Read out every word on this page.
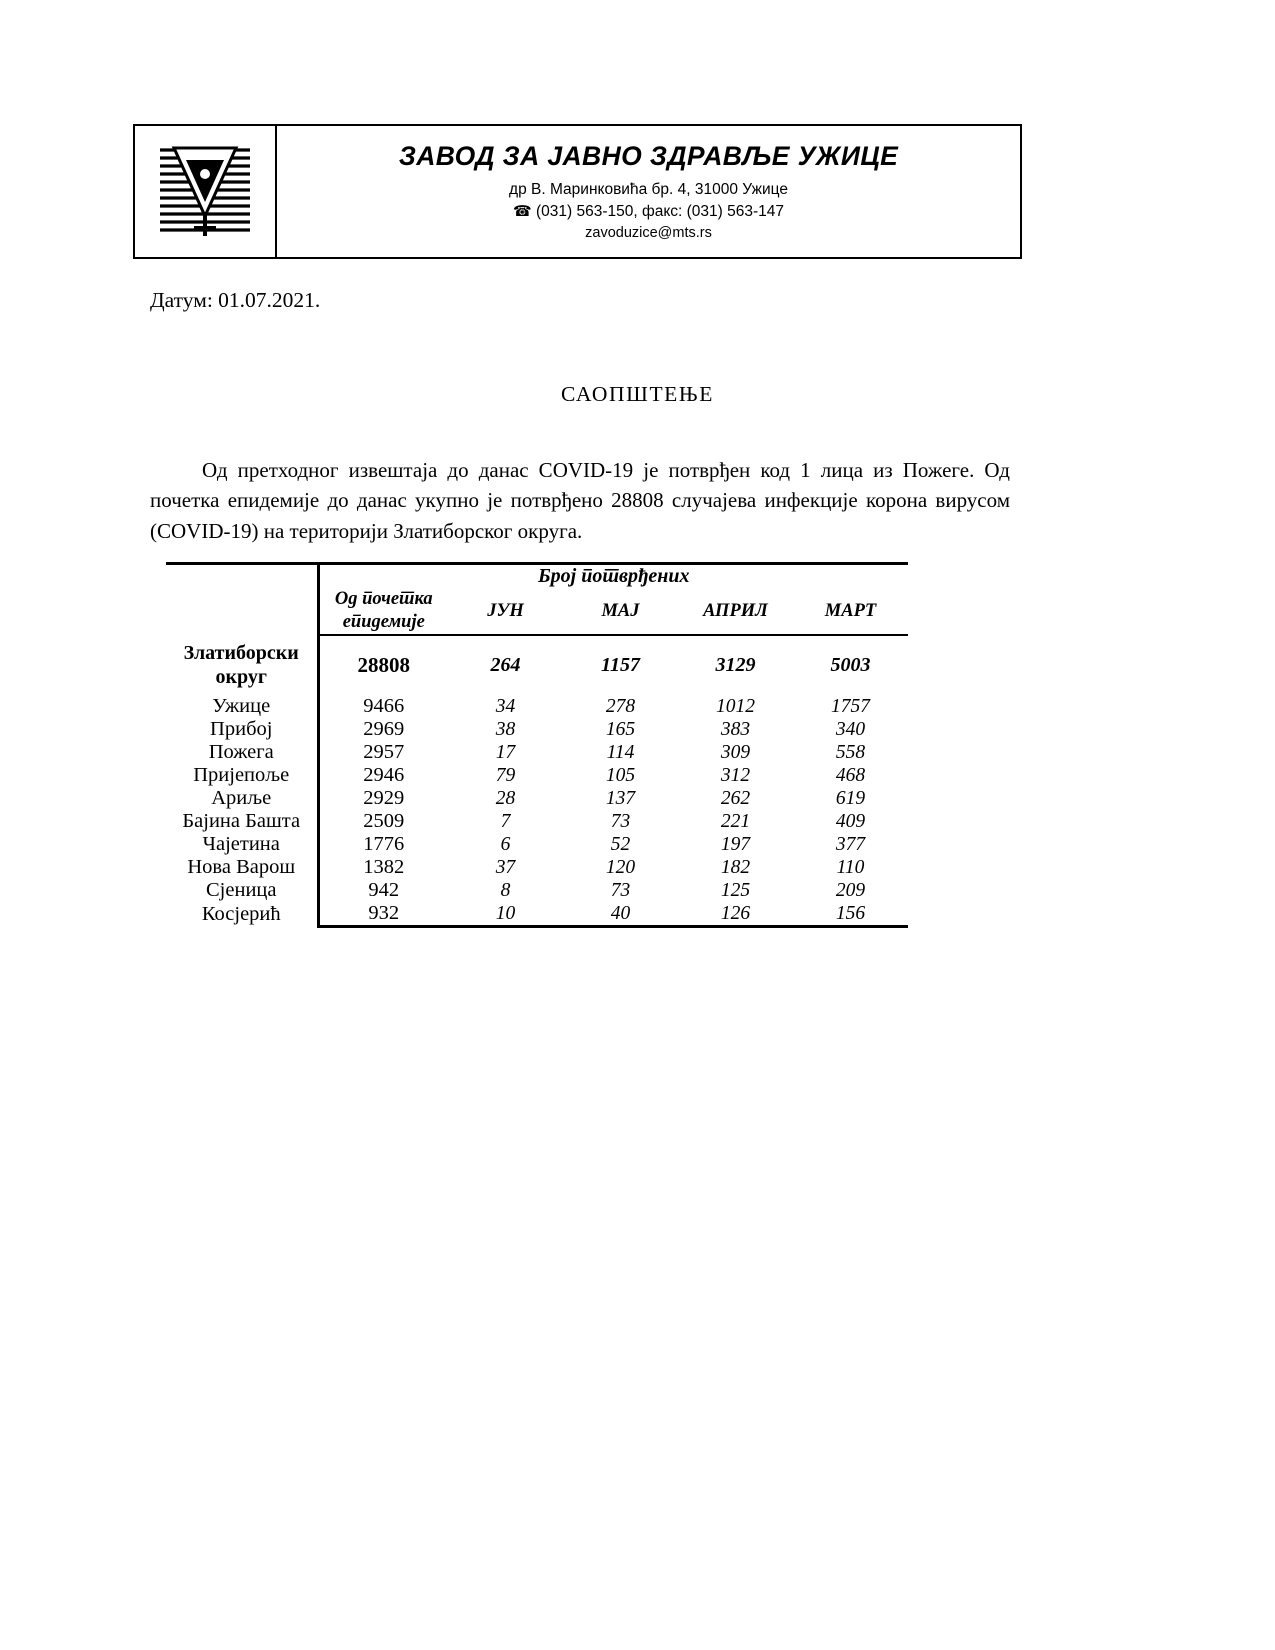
ЗАВОД ЗА ЈАВНО ЗДРАВЉЕ УЖИЦЕ
др В. Маринковића бр. 4, 31000 Ужице
☎ (031) 563-150, факс: (031) 563-147
zavoduzice@mts.rs
Датум: 01.07.2021.
САОПШТЕЊЕ
Од претходног извештаја до данас COVID-19 је потврђен код 1 лица из Пожеге. Од почетка епидемије до данас укупно је потврђено 28808 случајева инфекције корона вирусом (COVID-19) на територији Златиборског округа.
	Број потврђених				
	Од почетка епидемије	ЈУН	МАЈ	АПРИЛ	МАРТ

Златиборски округ	28808	264	1157	3129	5003
Ужице	9466	34	278	1012	1757
Прибој	2969	38	165	383	340
Пожега	2957	17	114	309	558
Пријепоље	2946	79	105	312	468
Ариље	2929	28	137	262	619
Бајина Башта	2509	7	73	221	409
Чајетина	1776	6	52	197	377
Нова Варош	1382	37	120	182	110
Сјеница	942	8	73	125	209
Косјерић	932	10	40	126	156
